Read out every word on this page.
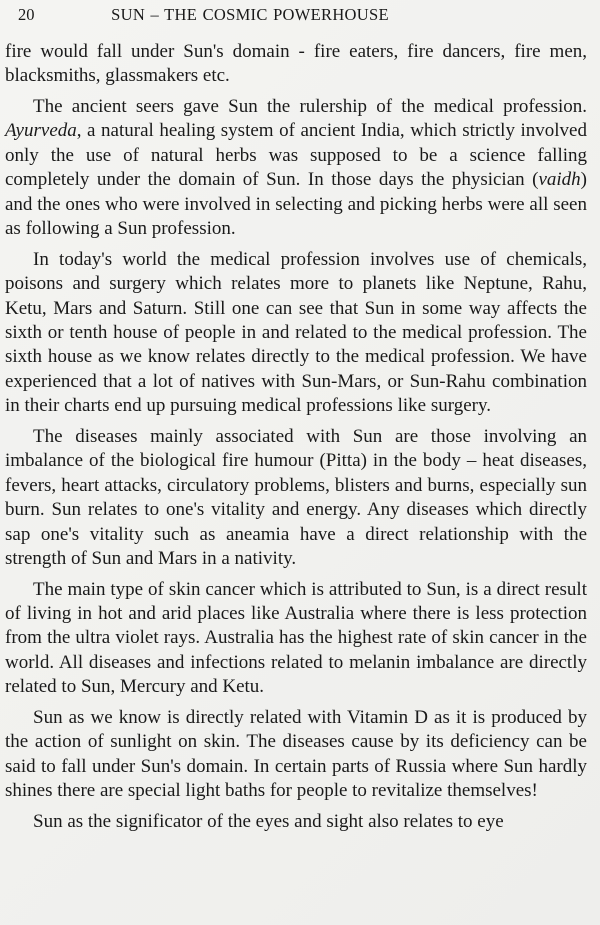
20	SUN – THE COSMIC POWERHOUSE

fire would fall under Sun's domain - fire eaters, fire dancers, fire men, blacksmiths, glassmakers etc.

The ancient seers gave Sun the rulership of the medical profession. Ayurveda, a natural healing system of ancient India, which strictly involved only the use of natural herbs was supposed to be a science falling completely under the domain of Sun. In those days the physician (vaidh) and the ones who were involved in selecting and picking herbs were all seen as following a Sun profession.

In today's world the medical profession involves use of chemicals, poisons and surgery which relates more to planets like Neptune, Rahu, Ketu, Mars and Saturn. Still one can see that Sun in some way affects the sixth or tenth house of people in and related to the medical profession. The sixth house as we know relates directly to the medical profession. We have experienced that a lot of natives with Sun-Mars, or Sun-Rahu combination in their charts end up pursuing medical professions like surgery.

The diseases mainly associated with Sun are those involving an imbalance of the biological fire humour (Pitta) in the body – heat diseases, fevers, heart attacks, circulatory problems, blisters and burns, especially sun burn. Sun relates to one's vitality and energy. Any diseases which directly sap one's vitality such as aneamia have a direct relationship with the strength of Sun and Mars in a nativity.

The main type of skin cancer which is attributed to Sun, is a direct result of living in hot and arid places like Australia where there is less protection from the ultra violet rays. Australia has the highest rate of skin cancer in the world. All diseases and infections related to melanin imbalance are directly related to Sun, Mercury and Ketu.

Sun as we know is directly related with Vitamin D as it is produced by the action of sunlight on skin. The diseases cause by its deficiency can be said to fall under Sun's domain. In certain parts of Russia where Sun hardly shines there are special light baths for people to revitalize themselves!

Sun as the significator of the eyes and sight also relates to eye
